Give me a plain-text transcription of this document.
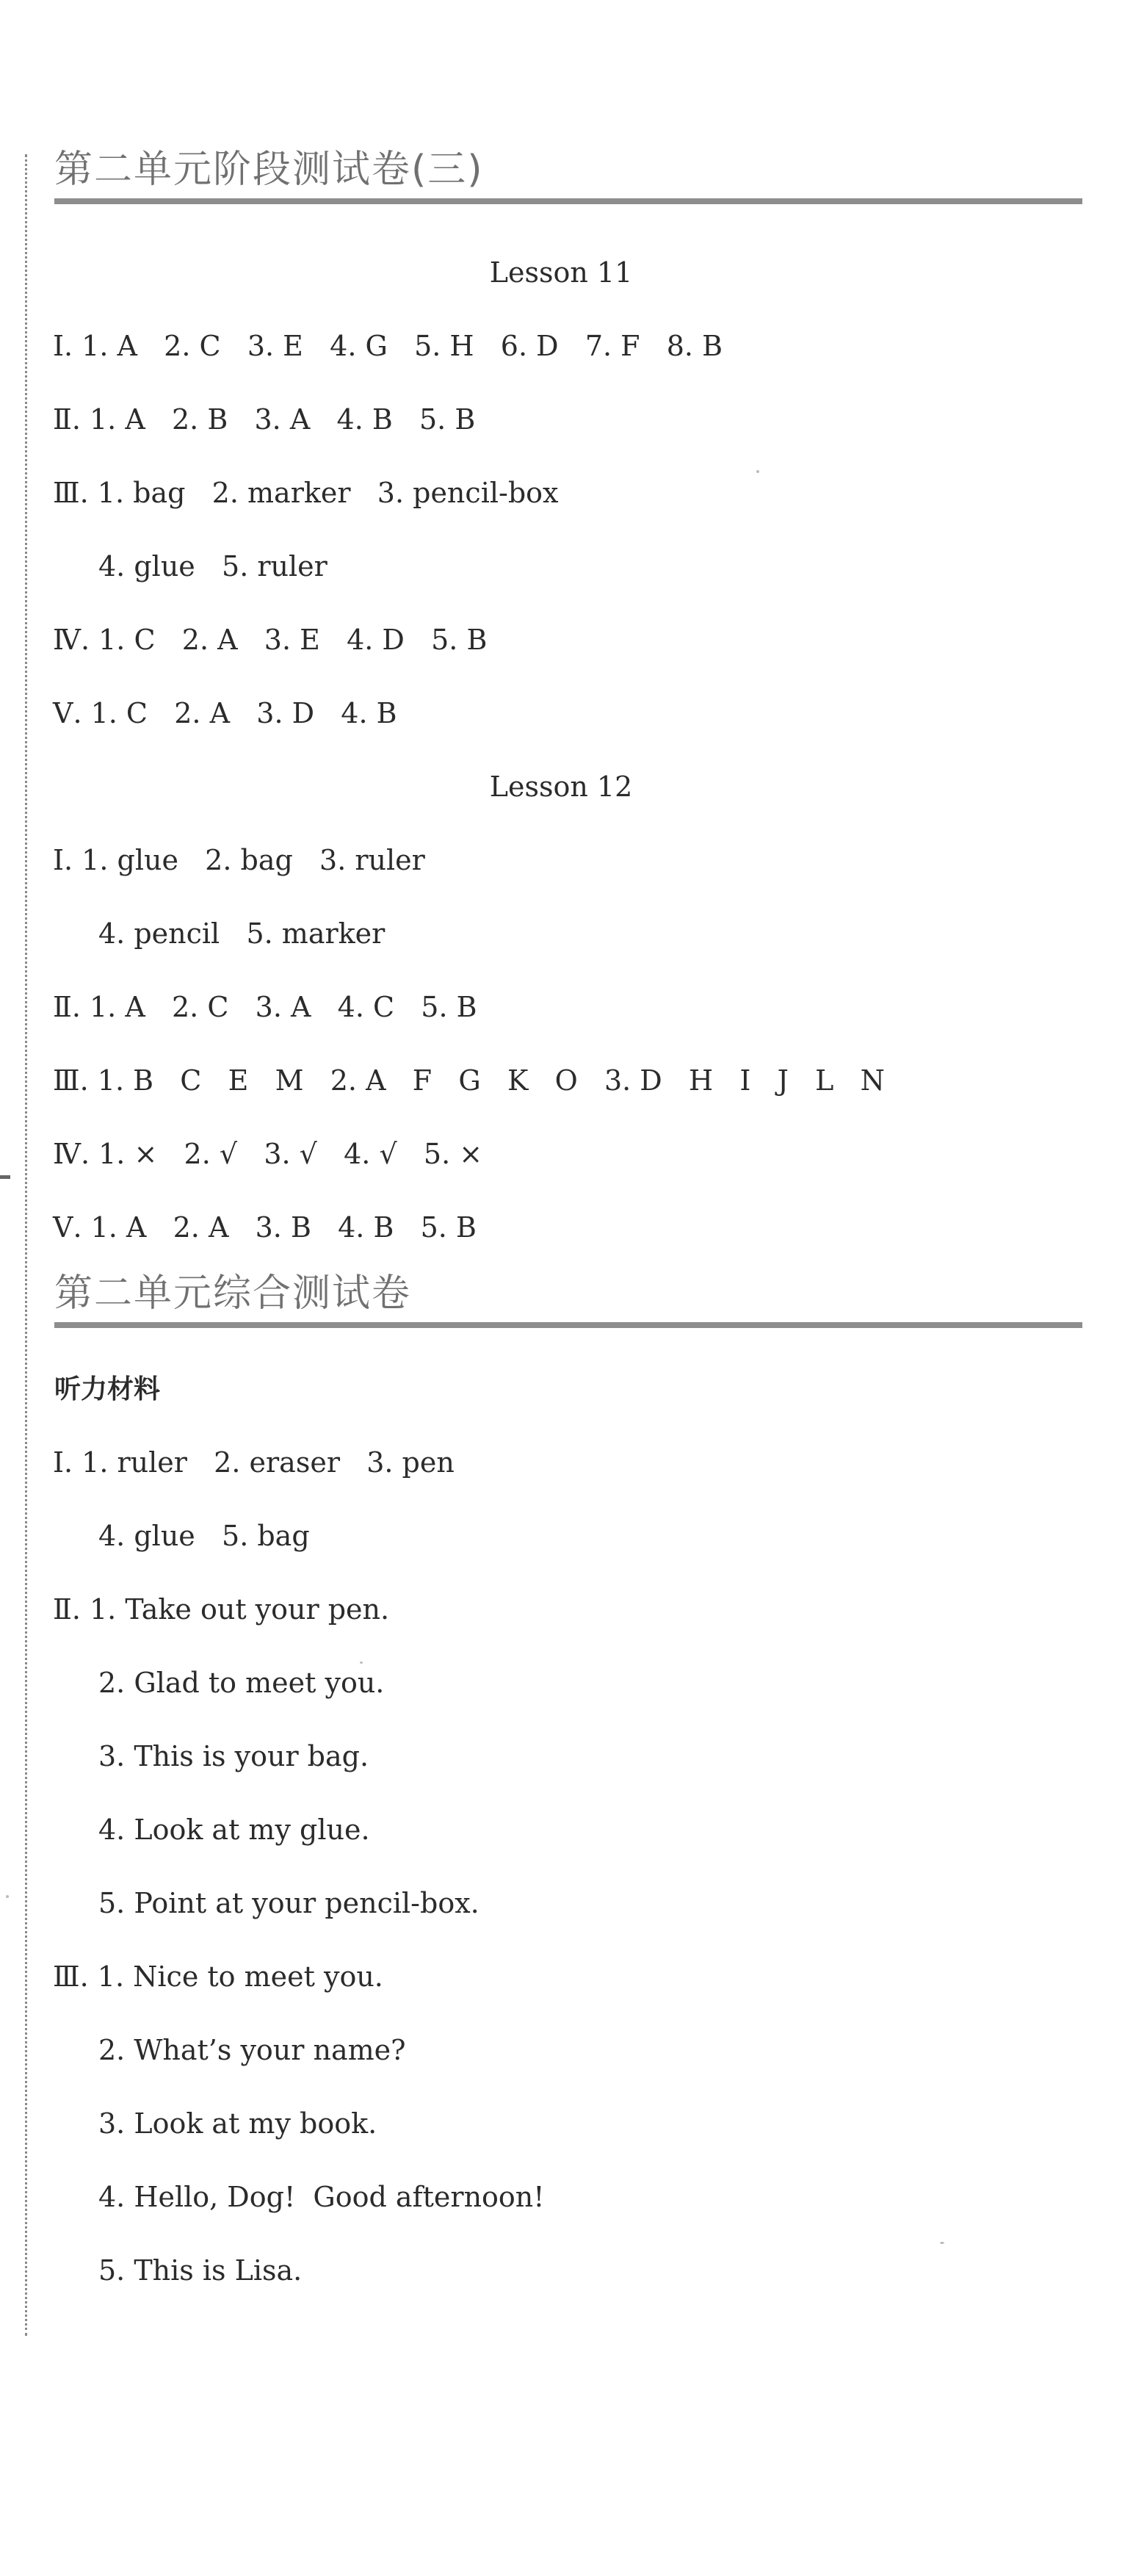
第二单元阶段测试卷(三)
Lesson 11
Ⅰ. 1. A   2. C   3. E   4. G   5. H   6. D   7. F   8. B
Ⅱ. 1. A   2. B   3. A   4. B   5. B
Ⅲ. 1. bag   2. marker   3. pencil-box
4. glue   5. ruler
Ⅳ. 1. C   2. A   3. E   4. D   5. B
Ⅴ. 1. C   2. A   3. D   4. B
Lesson 12
Ⅰ. 1. glue   2. bag   3. ruler
4. pencil   5. marker
Ⅱ. 1. A   2. C   3. A   4. C   5. B
Ⅲ. 1. B   C   E   M   2. A   F   G   K   O   3. D   H   I   J   L   N
Ⅳ. 1. ×   2. √   3. √   4. √   5. ×
Ⅴ. 1. A   2. A   3. B   4. B   5. B
第二单元综合测试卷
听力材料
Ⅰ. 1. ruler   2. eraser   3. pen
4. glue   5. bag
Ⅱ. 1. Take out your pen.
2. Glad to meet you.
3. This is your bag.
4. Look at my glue.
5. Point at your pencil-box.
Ⅲ. 1. Nice to meet you.
2. What’s your name?
3. Look at my book.
4. Hello, Dog!  Good afternoon!
5. This is Lisa.
